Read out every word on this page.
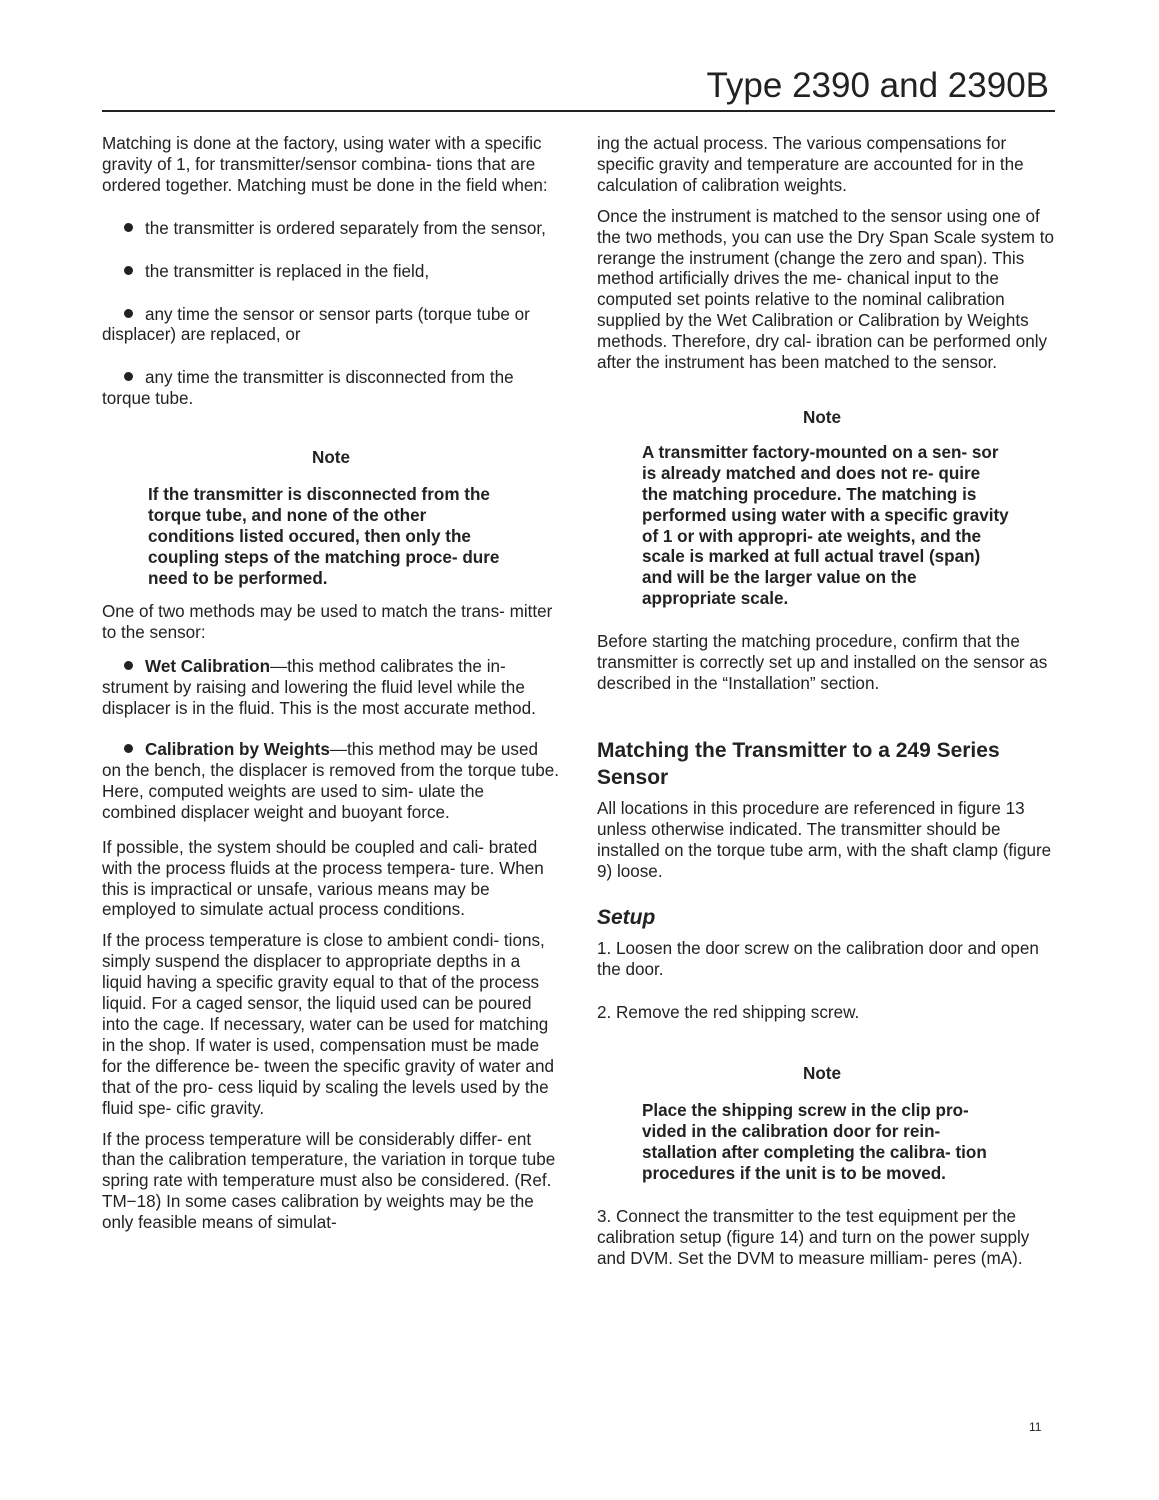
Type 2390 and 2390B

Matching is done at the factory, using water with a specific gravity of 1, for transmitter/sensor combina- tions that are ordered together. Matching must be done in the field when:

the transmitter is ordered separately from the sensor,

the transmitter is replaced in the field,

any time the sensor or sensor parts (torque tube or displacer) are replaced, or

any time the transmitter is disconnected from the torque tube.

Note

If the transmitter is disconnected from the torque tube, and none of the other conditions listed occured, then only the coupling steps of the matching proce- dure need to be performed.

One of two methods may be used to match the trans- mitter to the sensor:

Wet Calibration—this method calibrates the in- strument by raising and lowering the fluid level while the displacer is in the fluid. This is the most accurate method.

Calibration by Weights—this method may be used on the bench, the displacer is removed from the torque tube. Here, computed weights are used to sim- ulate the combined displacer weight and buoyant force.

If possible, the system should be coupled and cali- brated with the process fluids at the process tempera- ture. When this is impractical or unsafe, various means may be employed to simulate actual process conditions.

If the process temperature is close to ambient condi- tions, simply suspend the displacer to appropriate depths in a liquid having a specific gravity equal to that of the process liquid. For a caged sensor, the liquid used can be poured into the cage. If necessary, water can be used for matching in the shop. If water is used, compensation must be made for the difference be- tween the specific gravity of water and that of the pro- cess liquid by scaling the levels used by the fluid spe- cific gravity.

If the process temperature will be considerably differ- ent than the calibration temperature, the variation in torque tube spring rate with temperature must also be considered. (Ref. TM−18) In some cases calibration by weights may be the only feasible means of simulat-

ing the actual process. The various compensations for specific gravity and temperature are accounted for in the calculation of calibration weights.

Once the instrument is matched to the sensor using one of the two methods, you can use the Dry Span Scale system to rerange the instrument (change the zero and span). This method artificially drives the me- chanical input to the computed set points relative to the nominal calibration supplied by the Wet Calibration or Calibration by Weights methods. Therefore, dry cal- ibration can be performed only after the instrument has been matched to the sensor.

Note

A transmitter factory-mounted on a sen- sor is already matched and does not re- quire the matching procedure. The matching is performed using water with a specific gravity of 1 or with appropri- ate weights, and the scale is marked at full actual travel (span) and will be the larger value on the appropriate scale.

Before starting the matching procedure, confirm that the transmitter is correctly set up and installed on the sensor as described in the “Installation” section.

Matching the Transmitter to a 249 Series Sensor

All locations in this procedure are referenced in figure 13 unless otherwise indicated. The transmitter should be installed on the torque tube arm, with the shaft clamp (figure 9) loose.

Setup

1. Loosen the door screw on the calibration door and open the door.

2. Remove the red shipping screw.

Note

Place the shipping screw in the clip pro- vided in the calibration door for rein- stallation after completing the calibra- tion procedures if the unit is to be moved.

3. Connect the transmitter to the test equipment per the calibration setup (figure 14) and turn on the power supply and DVM. Set the DVM to measure milliam- peres (mA).

11
